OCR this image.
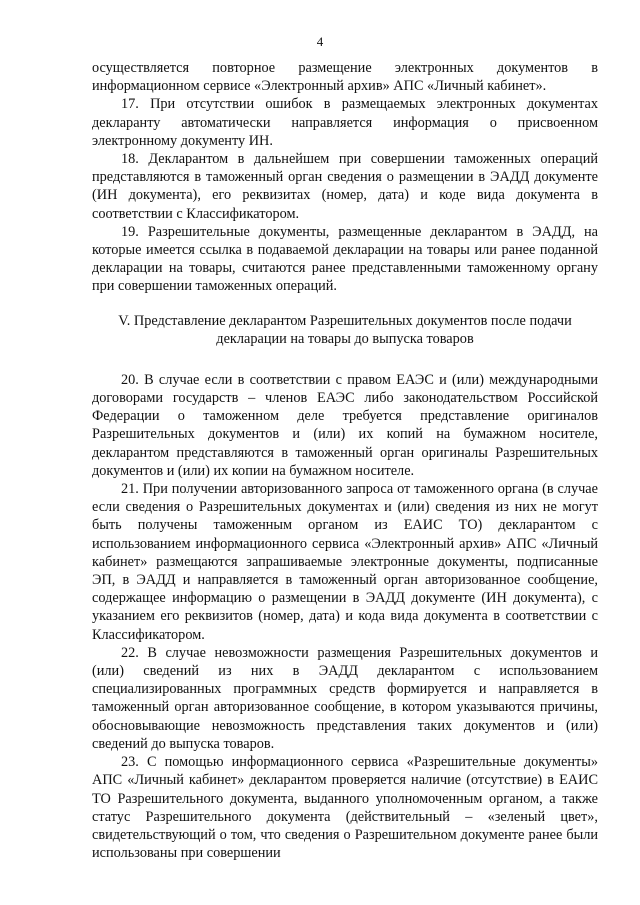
4

осуществляется повторное размещение электронных документов в информационном сервисе «Электронный архив» АПС «Личный кабинет».

17. При отсутствии ошибок в размещаемых электронных документах декларанту автоматически направляется информация о присвоенном электронному документу ИН.

18. Декларантом в дальнейшем при совершении таможенных операций представляются в таможенный орган сведения о размещении в ЭАДД документе (ИН документа), его реквизитах (номер, дата) и коде вида документа в соответствии с Классификатором.

19. Разрешительные документы, размещенные декларантом в ЭАДД, на которые имеется ссылка в подаваемой декларации на товары или ранее поданной декларации на товары, считаются ранее представленными таможенному органу при совершении таможенных операций.

V. Представление декларантом Разрешительных документов после подачи декларации на товары до выпуска товаров

20. В случае если в соответствии с правом ЕАЭС и (или) международными договорами государств – членов ЕАЭС либо законодательством Российской Федерации о таможенном деле требуется представление оригиналов Разрешительных документов и (или) их копий на бумажном носителе, декларантом представляются в таможенный орган оригиналы Разрешительных документов и (или) их копии на бумажном носителе.

21. При получении авторизованного запроса от таможенного органа (в случае если сведения о Разрешительных документах и (или) сведения из них не могут быть получены таможенным органом из ЕАИС ТО) декларантом с использованием информационного сервиса «Электронный архив» АПС «Личный кабинет» размещаются запрашиваемые электронные документы, подписанные ЭП, в ЭАДД и направляется в таможенный орган авторизованное сообщение, содержащее информацию о размещении в ЭАДД документе (ИН документа), с указанием его реквизитов (номер, дата) и кода вида документа в соответствии с Классификатором.

22. В случае невозможности размещения Разрешительных документов и (или) сведений из них в ЭАДД декларантом с использованием специализированных программных средств формируется и направляется в таможенный орган авторизованное сообщение, в котором указываются причины, обосновывающие невозможность представления таких документов и (или) сведений до выпуска товаров.

23. С помощью информационного сервиса «Разрешительные документы» АПС «Личный кабинет» декларантом проверяется наличие (отсутствие) в ЕАИС ТО Разрешительного документа, выданного уполномоченным органом, а также статус Разрешительного документа (действительный – «зеленый цвет», свидетельствующий о том, что сведения о Разрешительном документе ранее были использованы при совершении
